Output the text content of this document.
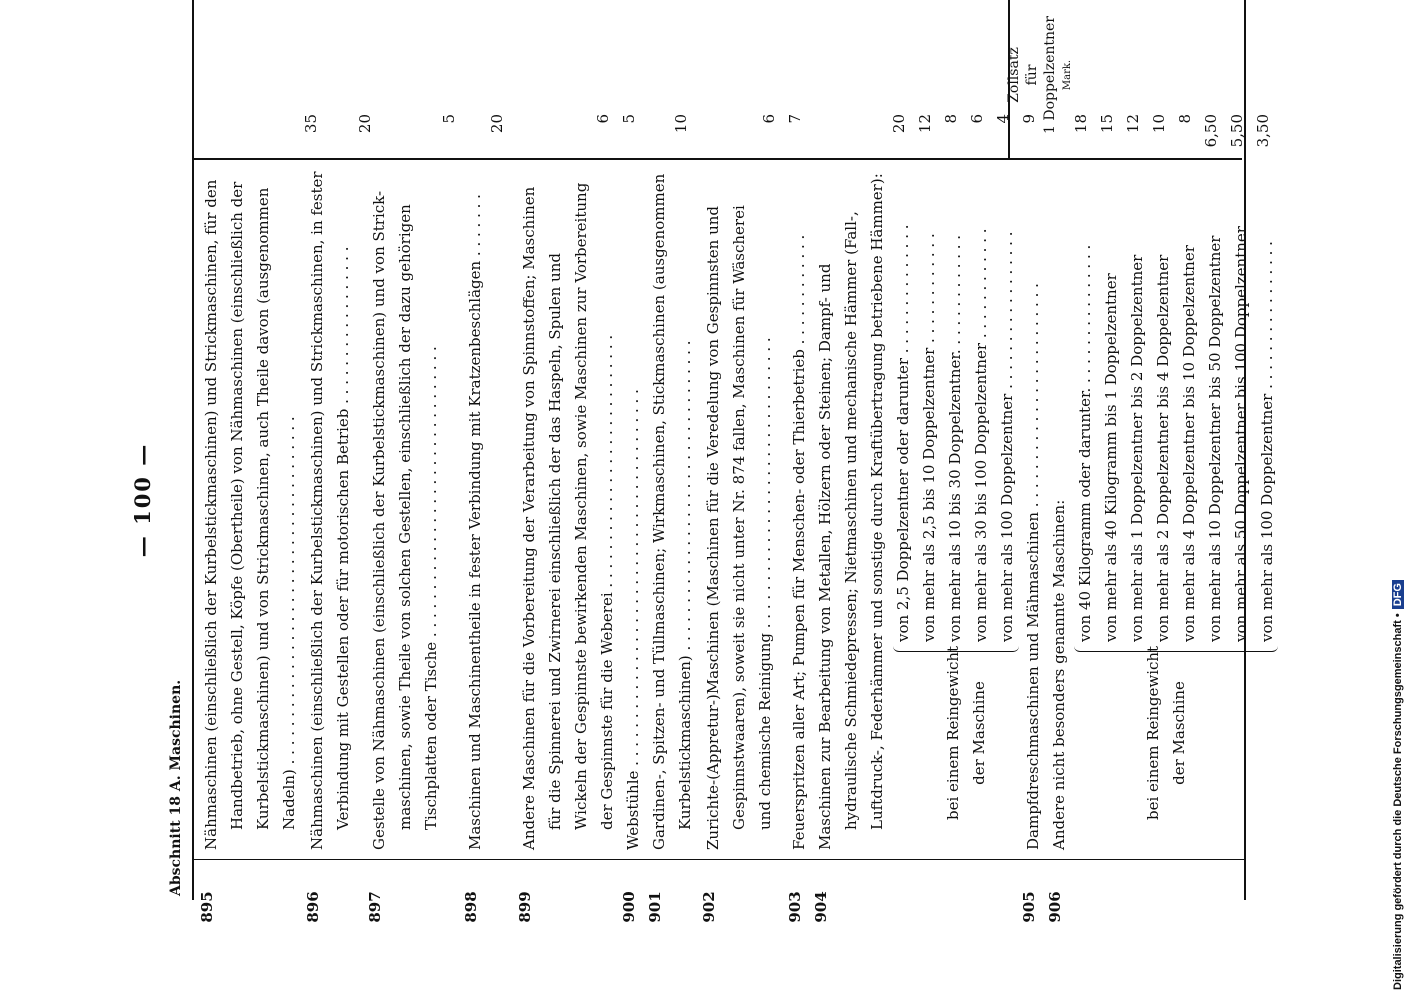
— 100 —
Abschnitt 18 A. Maschinen.
Zollsatz für 1 Doppelzentner Mark.
895
Nähmaschinen (einschließlich der Kurbelstickmaschinen) und Strickmaschinen, für den Handbetrieb, ohne Gestell, Köpfe (Obertheile) von Nähmaschinen (einschließlich der Kurbelstickmaschinen) und von Strickmaschinen, auch Theile davon (ausgenommen Nadeln) . . . . . . . . . . . . . . . . . . . . . . . . . . . . . . . . . . . . .
35
896
Nähmaschinen (einschließlich der Kurbelstickmaschinen) und Strickmaschinen, in fester Verbindung mit Gestellen oder für motorischen Betrieb . . . . . . . . . . . . . . . . .
20
897
Gestelle von Nähmaschinen (einschließlich der Kurbelstickmaschinen) und von Strick- maschinen, sowie Theile von solchen Gestellen, einschließlich der dazu gehörigen Tischplatten oder Tische . . . . . . . . . . . . . . . . . . . . . . . . . . . . . . .
5
898
Maschinen und Maschinentheile in fester Verbindung mit Kratzenbeschlägen . . . . . . .
20
899
Andere Maschinen für die Vorbereitung der Verarbeitung von Spinnstoffen; Maschinen für die Spinnerei und Zwirnerei einschließlich der das Haspeln, Spulen und Wickeln der Gespinnste bewirkenden Maschinen, sowie Maschinen zur Vorbereitung der Gespinnste für die Weberei . . . . . . . . . . . . . . . . . . . . . . . . . . .
6
900
Webstühle . . . . . . . . . . . . . . . . . . . . . . . . . . . . . . . . . . . . . . . .
5
901
Gardinen-, Spitzen- und Tüllmaschinen; Wirkmaschinen, Stickmaschinen (ausgenommen Kurbelstickmaschinen) . . . . . . . . . . . . . . . . . . . . . . . . . . . . . . . . .
10
902
Zurichte-(Appretur-)Maschinen (Maschinen für die Veredelung von Gespinnsten und Gespinnstwaaren), soweit sie nicht unter Nr. 874 fallen, Maschinen für Wäscherei und chemische Reinigung . . . . . . . . . . . . . . . . . . . . . . . . . . . . . . .
6
903
Feuerspritzen aller Art; Pumpen für Menschen- oder Thierbetrieb . . . . . . . . . . . .
7
904
Maschinen zur Bearbeitung von Metallen, Hölzern oder Steinen; Dampf- und hydraulische Schmiedepressen; Nietmaschinen und mechanische Hämmer (Fall-, Luftdruck-, Federhämmer und sonstige durch Kraftübertragung betriebene Hämmer):
905
Dampfdreschmaschinen und Mähmaschinen . . . . . . . . . . . . . . . . . . . . . . . .
9
906
Andere nicht besonders genannte Maschinen:
bei einem Reingewicht der Maschine
von 2,5 Doppelzentner oder darunter . . . . . . . . . . . . . .
20
von mehr als 2,5 bis 10 Doppelzentner . . . . . . . . . . . .
12
von mehr als 10 bis 30 Doppelzentner. . . . . . . . . . . . .
8
von mehr als 30 bis 100 Doppelzentner . . . . . . . . . . . .
6
von mehr als 100 Doppelzentner . . . . . . . . . . . . . . . . .
4
bei einem Reingewicht der Maschine
von 40 Kilogramm oder darunter. . . . . . . . . . . . . . . .
18
von mehr als 40 Kilogramm bis 1 Doppelzentner
15
von mehr als 1 Doppelzentner bis 2 Doppelzentner
12
von mehr als 2 Doppelzentner bis 4 Doppelzentner
10
von mehr als 4 Doppelzentner bis 10 Doppelzentner
8
von mehr als 10 Doppelzentner bis 50 Doppelzentner
6,50
von mehr als 50 Doppelzentner bis 100 Doppelzentner
5,50
von mehr als 100 Doppelzentner . . . . . . . . . . . . . . . .
3,50
Digitalisierung gefördert durch die Deutsche Forschungsgemeinschaft •DFG
